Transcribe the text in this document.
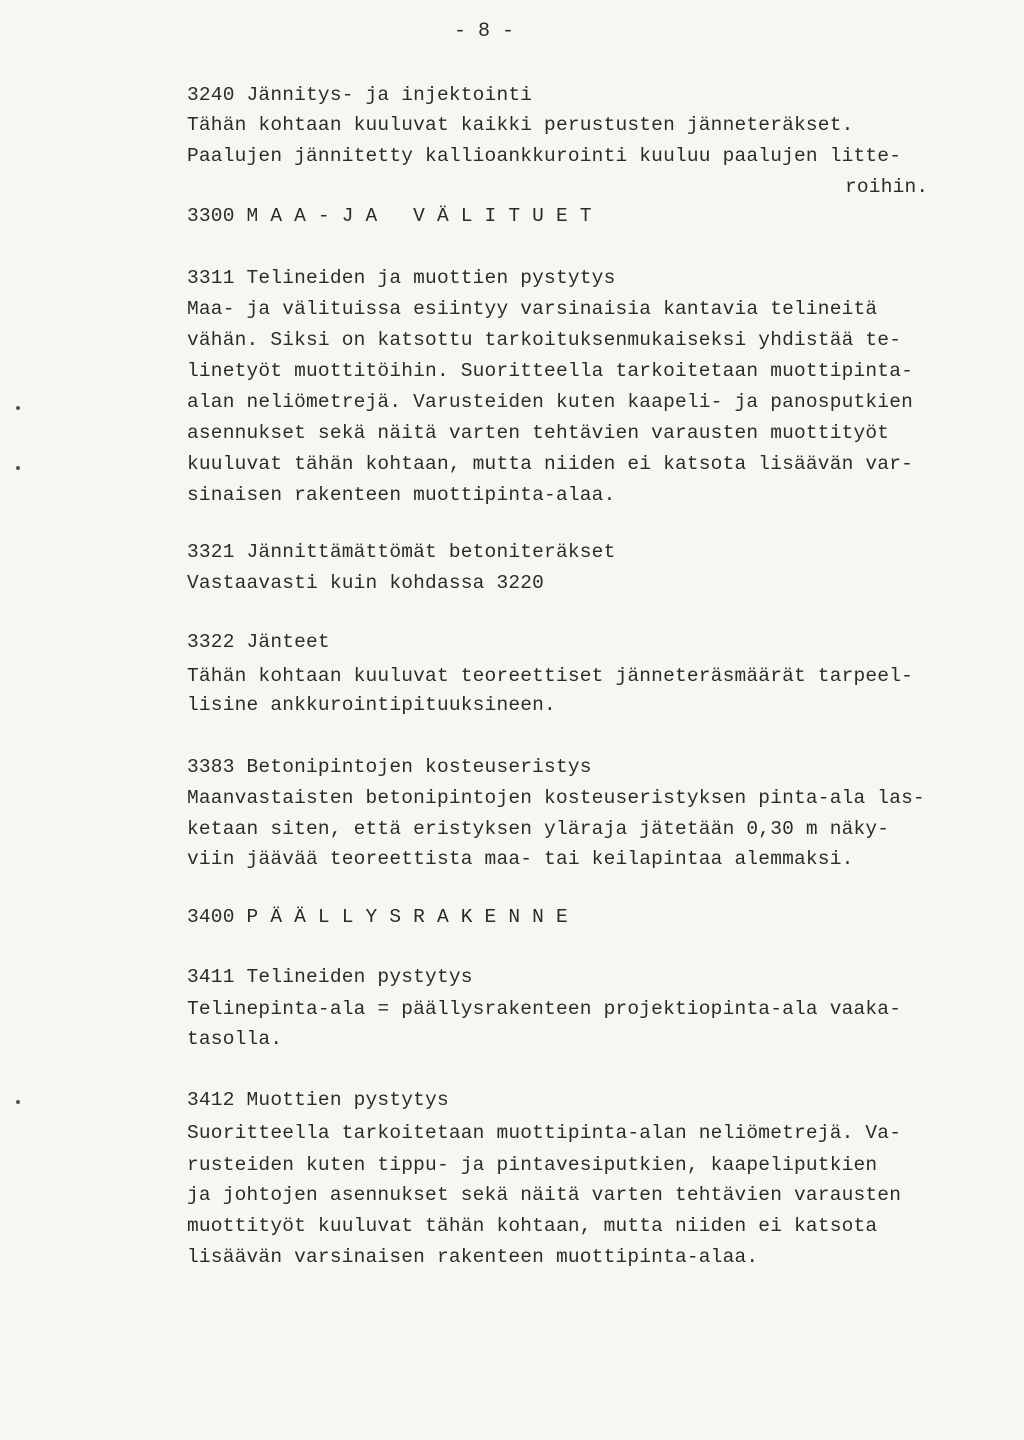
- 8 -
3240 Jännitys- ja injektointi
Tähän kohtaan kuuluvat kaikki perustusten jänneteräkset.
Paalujen jännitetty kallioankkurointi kuuluu paalujen litte-
roihin.
3300 M A A - J A   V Ä L I T U E T
3311 Telineiden ja muottien pystytys
Maa- ja välituissa esiintyy varsinaisia kantavia telineitä
vähän. Siksi on katsottu tarkoituksenmukaiseksi yhdistää te-
linetyöt muottitöihin. Suoritteella tarkoitetaan muottipinta-
alan neliömetrejä. Varusteiden kuten kaapeli- ja panosputkien
asennukset sekä näitä varten tehtävien varausten muottityöt
kuuluvat tähän kohtaan, mutta niiden ei katsota lisäävän var-
sinaisen rakenteen muottipinta-alaa.
3321 Jännittämättömät betoniteräkset
Vastaavasti kuin kohdassa 3220
3322 Jänteet
Tähän kohtaan kuuluvat teoreettiset jänneteräsmäärät tarpeel-
lisine ankkurointipituuksineen.
3383 Betonipintojen kosteuseristys
Maanvastaisten betonipintojen kosteuseristyksen pinta-ala las-
ketaan siten, että eristyksen yläraja jätetään 0,30 m näky-
viin jäävää teoreettista maa- tai keilapintaa alemmaksi.
3400 P Ä Ä L L Y S R A K E N N E
3411 Telineiden pystytys
Telinepinta-ala = päällysrakenteen projektiopinta-ala vaaka-
tasolla.
3412 Muottien pystytys
Suoritteella tarkoitetaan muottipinta-alan neliömetrejä. Va-
rusteiden kuten tippu- ja pintavesiputkien, kaapeliputkien
ja johtojen asennukset sekä näitä varten tehtävien varausten
muottityöt kuuluvat tähän kohtaan, mutta niiden ei katsota
lisäävän varsinaisen rakenteen muottipinta-alaa.
